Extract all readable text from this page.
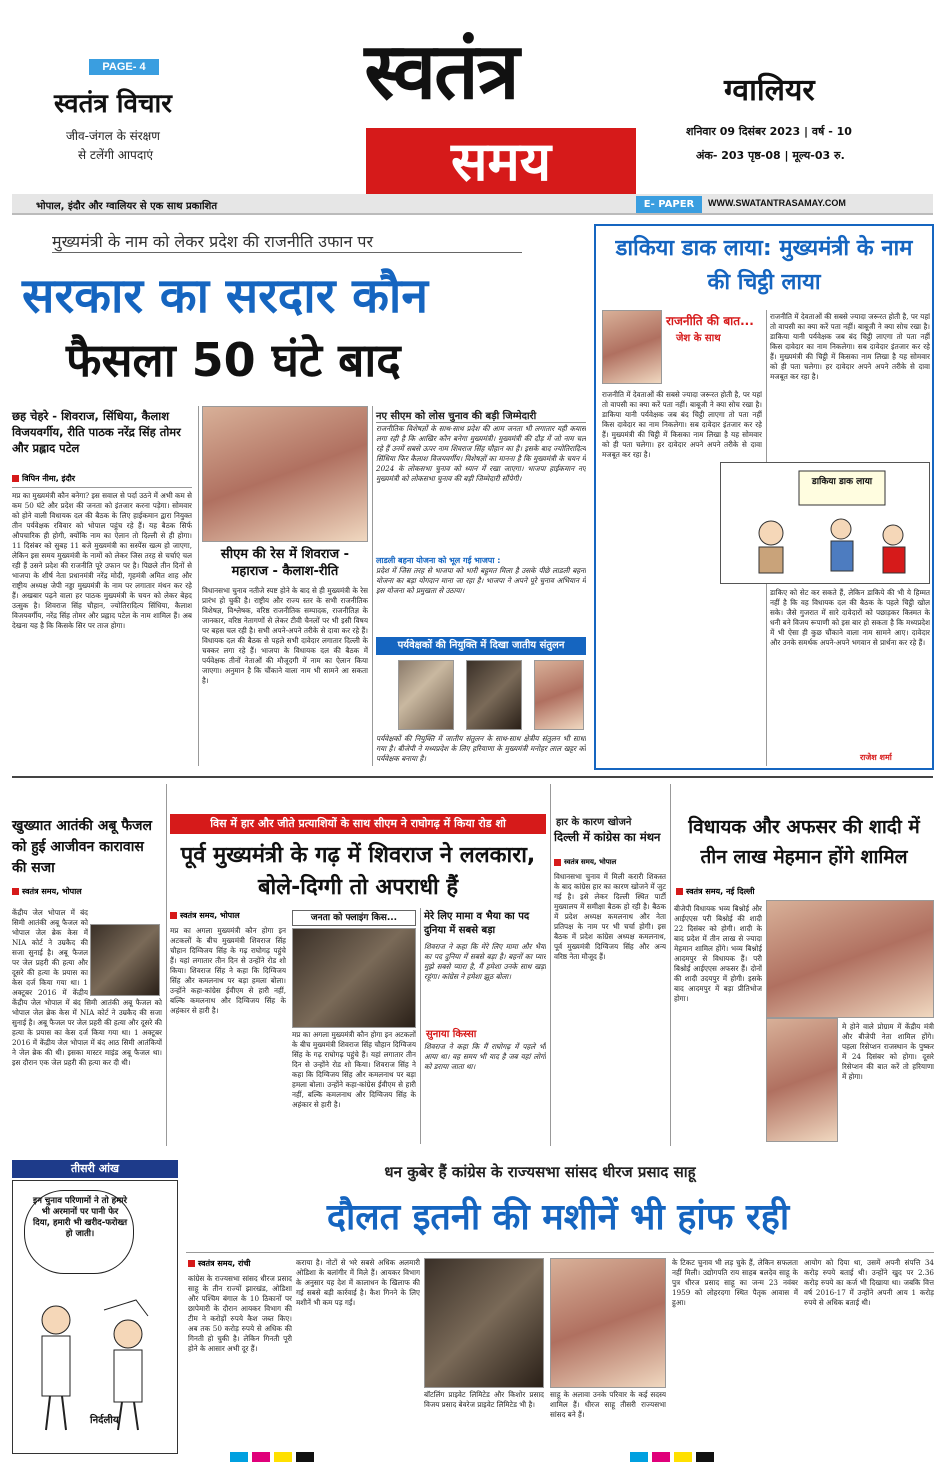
PAGE- 4
स्वतंत्र विचार
जीव-जंगल के संरक्षण
से टलेंगी आपदाएं
स्वतंत्र
समय
ग्वालियर
शनिवार 09 दिसंबर 2023 | वर्ष - 10
अंक- 203 पृष्ठ-08 | मूल्य-03 रु.
भोपाल, इंदौर और ग्वालियर से एक साथ प्रकाशित	E- PAPER	WWW.SWATANTRASAMAY.COM
मुख्यमंत्री के नाम को लेकर प्रदेश की राजनीति उफान पर
सरकार का सरदार कौन
फैसला 50 घंटे बाद
छह चेहरे - शिवराज, सिंधिया, कैलाश विजयवर्गीय, रीति पाठक नरेंद्र सिंह तोमर और प्रह्लाद पटेल
विपिन नीमा, इंदौर
मप्र का मुख्यमंत्री कौन बनेगा? इस सवाल से पर्दा उठने में अभी कम से कम 50 घंटे और प्रदेश की जनता को इंतजार करना पड़ेगा। सोमवार को होने वाली विधायक दल की बैठक के लिए हाईकमान द्वारा नियुक्त तीन पर्यवेक्षक रविवार को भोपाल पहुंच रहे हैं। यह बैठक सिर्फ औपचारिक ही होगी, क्योंकि नाम का ऐलान तो दिल्ली से ही होगा। 11 दिसंबर को सुबह 11 बजे मुख्यमंत्री का सस्पेंस खत्म हो जाएगा, लेकिन इस समय मुख्यमंत्री के नामों को लेकर जिस तरह से चर्चाएं चल रही हैं उसने प्रदेश की राजनीति पूरे उफान पर है। पिछले तीन दिनों से भाजपा के शीर्ष नेता प्रधानमंत्री नरेंद्र मोदी, गृहमंत्री अमित शाह और राष्ट्रीय अध्यक्ष जेपी नड्डा मुख्यमंत्री के नाम पर लगातार मंथन कर रहे हैं। अखबार पढ़ने वाला हर पाठक मुख्यमंत्री के चयन को लेकर बेहद उत्सुक है। शिवराज सिंह चौहान, ज्योतिरादित्य सिंधिया, कैलाश विजयवर्गीय, नरेंद्र सिंह तोमर और प्रह्लाद पटेल के नाम शामिल हैं। अब देखना यह है कि किसके सिर पर ताज होगा।
सीएम की रेस में शिवराज - महाराज - कैलाश-रीति
विधानसभा चुनाव नतीजे स्पष्ट होने के बाद से ही मुख्यमंत्री के रेस प्रारंभ हो चुकी है। राष्ट्रीय और राज्य स्तर के सभी राजनीतिक विशेषज्ञ, विश्लेषक, वरिष्ठ राजनीतिक सम्पादक, राजनीतिज्ञ के जानकार, वरिष्ठ नेतागणों से लेकर टीवी चैनलों पर भी इसी विषय पर बहस चल रही है। सभी अपने-अपने तरीके से दावा कर रहे हैं। विधायक दल की बैठक से पहले सभी दावेदार लगातार दिल्ली के चक्कर लगा रहे हैं। भाजपा के विधायक दल की बैठक में पर्यवेक्षक तीनों नेताओं की मौजूदगी में नाम का ऐलान किया जाएगा। अनुमान है कि चौंकाने वाला नाम भी सामने आ सकता है।
नए सीएम को लोस चुनाव की बड़ी जिम्मेदारी
राजनीतिक विशेषज्ञों के साथ-साथ प्रदेश की आम जनता भी लगातार यही कयास लगा रही है कि आखिर कौन बनेगा मुख्यमंत्री। मुख्यमंत्री की दौड़ में जो नाम चल रहे हैं उनमें सबसे ऊपर नाम शिवराज सिंह चौहान का है। इसके बाद ज्योतिरादित्य सिंधिया फिर कैलाश विजयवर्गीय। विशेषज्ञों का मानना है कि मुख्यमंत्री के चयन में 2024 के लोकसभा चुनाव को ध्यान में रखा जाएगा। भाजपा हाईकमान नए मुख्यमंत्री को लोकसभा चुनाव की बड़ी जिम्मेदारी सौंपेगी।
लाडली बहना योजना को भूल गई भाजपा :
प्रदेश में जिस तरह से भाजपा को भारी बहुमत मिला है उसके पीछे लाडली बहना योजना का बड़ा योगदान माना जा रहा है। भाजपा ने अपने पूरे चुनाव अभियान में इस योजना को प्रमुखता से उठाया।
पर्यवेक्षकों की नियुक्ति में दिखा जातीय संतुलन
पर्यवेक्षकों की नियुक्ति में जातीय संतुलन के साथ-साथ क्षेत्रीय संतुलन भी साधा गया है। बीजेपी ने मध्यप्रदेश के लिए हरियाणा के मुख्यमंत्री मनोहर लाल खट्टर को पर्यवेक्षक बनाया है।
डाकिया डाक लाया: मुख्यमंत्री के नाम की चिट्ठी लाया
राजनीति की बात...
जेश के साथ
राजनीति में देवताओं की सबसे ज्यादा जरूरत होती है, पर यहां तो वापसी का क्या करें पता नहीं। बाबूजी ने क्या सोच रखा है। डाकिया यानी पर्यवेक्षक जब बंद चिट्ठी लाएगा तो पता नहीं किस दावेदार का नाम निकलेगा। सब दावेदार इंतजार कर रहे हैं। मुख्यमंत्री की चिट्ठी में किसका नाम लिखा है यह सोमवार को ही पता चलेगा। हर दावेदार अपने अपने तरीके से दावा मजबूत कर रहा है।
राजनीति में देवताओं की सबसे ज्यादा जरूरत होती है, पर यहां तो वापसी का क्या करें पता नहीं। बाबूजी ने क्या सोच रखा है। डाकिया यानी पर्यवेक्षक जब बंद चिट्ठी लाएगा तो पता नहीं किस दावेदार का नाम निकलेगा। सब दावेदार इंतजार कर रहे हैं। मुख्यमंत्री की चिट्ठी में किसका नाम लिखा है यह सोमवार को ही पता चलेगा। हर दावेदार अपने अपने तरीके से दावा मजबूत कर रहा है।
डाकिया डाक लाया
डाकिए को सेट कर सकते हैं, लेकिन डाकिये की भी ये हिम्मत नहीं है कि वह विधायक दल की बैठक के पहले चिट्ठी खोल सके। जैसे गुजरात में सारे दावेदारों को पछाड़कर किस्मत के धनी बने विजय रूपाणी को इस बार हो सकता है कि मध्यप्रदेश में भी ऐसा ही कुछ चौंकाने वाला नाम सामने आए। दावेदार और उनके समर्थक अपने-अपने भगवान से प्रार्थना कर रहे हैं।
राजेश शर्मा
खुख्यात आतंकी अबू फैजल को हुई आजीवन कारावास की सजा
स्वतंत्र समय, भोपाल
केंद्रीय जेल भोपाल में बंद सिमी आतंकी अबू फैजल को भोपाल जेल ब्रेक केस में NIA कोर्ट ने उम्रकैद की सजा सुनाई है। अबू फैजल पर जेल प्रहरी की हत्या और दूसरे की हत्या के प्रयास का केस दर्ज किया गया था। 1 अक्टूबर 2016 में केंद्रीय
केंद्रीय जेल भोपाल में बंद सिमी आतंकी अबू फैजल को भोपाल जेल ब्रेक केस में NIA कोर्ट ने उम्रकैद की सजा सुनाई है। अबू फैजल पर जेल प्रहरी की हत्या और दूसरे की हत्या के प्रयास का केस दर्ज किया गया था। 1 अक्टूबर 2016 में केंद्रीय जेल भोपाल में बंद आठ सिमी आतंकियों ने जेल ब्रेक की थी। इसका मास्टर माइंड अबू फैजल था। इस दौरान एक जेल प्रहरी की हत्या कर दी थी।
विस में हार और जीते प्रत्याशियों के साथ सीएम ने राघोगढ़ में किया रोड शो
पूर्व मुख्यमंत्री के गढ़ में शिवराज ने ललकारा, बोले-दिग्गी तो अपराधी हैं
स्वतंत्र समय, भोपाल
मप्र का अगला मुख्यमंत्री कौन होगा इन अटकलों के बीच मुख्यमंत्री शिवराज सिंह चौहान दिग्विजय सिंह के गढ़ राघोगढ़ पहुंचे हैं। यहां लगातार तीन दिन से उन्होंने रोड शो किया। शिवराज सिंह ने कहा कि दिग्विजय सिंह और कमलनाथ पर बड़ा हमला बोला। उन्होंने कहा-कांग्रेस ईवीएम से हारी नहीं, बल्कि कमलनाथ और दिग्विजय सिंह के अहंकार से हारी है।
जनता को फ्लाइंग किस...
मप्र का अगला मुख्यमंत्री कौन होगा इन अटकलों के बीच मुख्यमंत्री शिवराज सिंह चौहान दिग्विजय सिंह के गढ़ राघोगढ़ पहुंचे हैं। यहां लगातार तीन दिन से उन्होंने रोड शो किया। शिवराज सिंह ने कहा कि दिग्विजय सिंह और कमलनाथ पर बड़ा हमला बोला। उन्होंने कहा-कांग्रेस ईवीएम से हारी नहीं, बल्कि कमलनाथ और दिग्विजय सिंह के अहंकार से हारी है।
मेरे लिए मामा व भैया का पद दुनिया में सबसे बड़ा
शिवराज ने कहा कि मेरे लिए मामा और भैया का पद दुनिया में सबसे बड़ा है। बहनों का प्यार मुझे सबसे प्यारा है, मैं हमेशा उनके साथ खड़ा रहूंगा। कांग्रेस ने हमेशा झूठ बोला।
सुनाया किस्सा
शिवराज ने कहा कि मैं राघोगढ़ में पहले भी आया था। वह समय भी याद है जब यहां लोगों को डराया जाता था।
हार के कारण खोजने
दिल्ली में कांग्रेस का मंथन
स्वतंत्र समय, भोपाल
विधानसभा चुनाव में मिली करारी शिकस्त के बाद कांग्रेस हार का कारण खोजने में जुट गई है। इसे लेकर दिल्ली स्थित पार्टी मुख्यालय में समीक्षा बैठक हो रही है। बैठक में प्रदेश अध्यक्ष कमलनाथ और नेता प्रतिपक्ष के नाम पर भी चर्चा होगी। इस बैठक में प्रदेश कांग्रेस अध्यक्ष कमलनाथ, पूर्व मुख्यमंत्री दिग्विजय सिंह और अन्य वरिष्ठ नेता मौजूद हैं।
विधायक और अफसर की शादी में तीन लाख मेहमान होंगे शामिल
स्वतंत्र समय, नई दिल्ली
बीजेपी विधायक भव्य बिश्नोई और आईएएस परी बिश्नोई की शादी 22 दिसंबर को होगी। शादी के बाद प्रदेश में तीन लाख से ज्यादा मेहमान शामिल होंगे। भव्य बिश्नोई आदमपुर से विधायक हैं। परी बिश्नोई आईएएस अफसर हैं। दोनों की शादी उदयपुर में होगी। इसके बाद आदमपुर में बड़ा प्रीतिभोज होगा।
मे होने वाले प्रोग्राम में केंद्रीय मंत्री और बीजेपी नेता शामिल होंगे। पहला रिसेप्शन राजस्थान के पुष्कर में 24 दिसंबर को होगा। दूसरे रिसेप्शन की बात करें तो हरियाणा में होगा।
तीसरी आंख
इन चुनाव परिणामों ने तो हमारे भी अरमानों पर पानी फेर दिया, हमारी भी खरीद-फरोख्त हो जाती।
निर्दलीय
धन कुबेर हैं कांग्रेस के राज्यसभा सांसद धीरज प्रसाद साहू
दौलत इतनी की मशीनें भी हांफ रही
स्वतंत्र समय, रांची
कांग्रेस के राज्यसभा सांसद धीरज प्रसाद साहू के तीन राज्यों झारखंड, ओडिशा और पश्चिम बंगाल के 10 ठिकानों पर छापेमारी के दौरान आयकर विभाग की टीम ने करोड़ों रुपये कैश जब्त किए। अब तक 50 करोड़ रुपये से अधिक की गिनती हो चुकी है। लेकिन गिनती पूरी होने के आसार अभी दूर हैं।
कराया है। नोटों से भरे सबसे अधिक अलमारी ओडिशा के बलांगीर में मिले हैं। आयकर विभाग के अनुसार यह देश में कालाधन के खिलाफ की गई सबसे बड़ी कार्रवाई है। कैश गिनने के लिए मशीनें भी कम पड़ गईं।
बॉटलिंग प्राइवेट लिमिटेड और किशोर प्रसाद विजय प्रसाद बेवरेज प्राइवेट लिमिटेड भी है।
साहू के अलावा उनके परिवार के कई सदस्य शामिल हैं। धीरज साहू तीसरी राज्यसभा सांसद बने हैं।
के टिकट चुनाव भी लड़ चुके हैं, लेकिन सफलता नहीं मिली। उद्योगपति राय साहब बलदेव साहू के पुत्र धीरज प्रसाद साहू का जन्म 23 नवंबर 1959 को लोहरदगा स्थित पैतृक आवास में हुआ।
आयोग को दिया था, उसमें अपनी संपत्ति 34 करोड़ रुपये बताई थी। उन्होंने खुद पर 2.36 करोड़ रुपये का कर्ज भी दिखाया था। जबकि वित्त वर्ष 2016-17 में उन्होंने अपनी आय 1 करोड़ रुपये से अधिक बताई थी।
